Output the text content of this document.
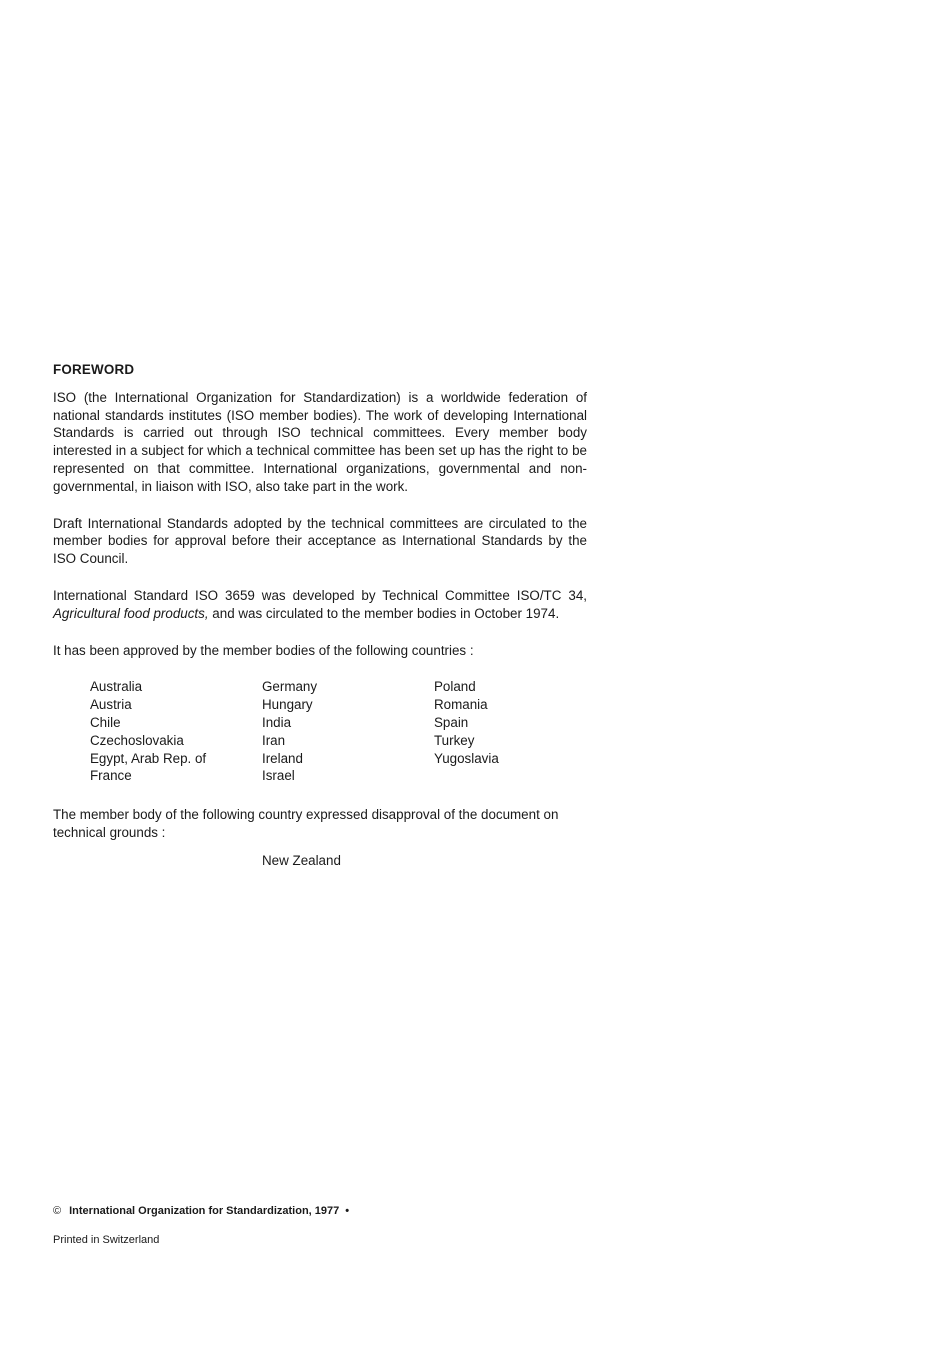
FOREWORD
ISO (the International Organization for Standardization) is a worldwide federation of national standards institutes (ISO member bodies). The work of developing International Standards is carried out through ISO technical committees. Every member body interested in a subject for which a technical committee has been set up has the right to be represented on that committee. International organizations, governmental and non-governmental, in liaison with ISO, also take part in the work.
Draft International Standards adopted by the technical committees are circulated to the member bodies for approval before their acceptance as International Standards by the ISO Council.
International Standard ISO 3659 was developed by Technical Committee ISO/TC 34, Agricultural food products, and was circulated to the member bodies in October 1974.
It has been approved by the member bodies of the following countries :
Australia
Austria
Chile
Czechoslovakia
Egypt, Arab Rep. of
France
Germany
Hungary
India
Iran
Ireland
Israel
Poland
Romania
Spain
Turkey
Yugoslavia
The member body of the following country expressed disapproval of the document on technical grounds :
New Zealand
© International Organization for Standardization, 1977 •
Printed in Switzerland
